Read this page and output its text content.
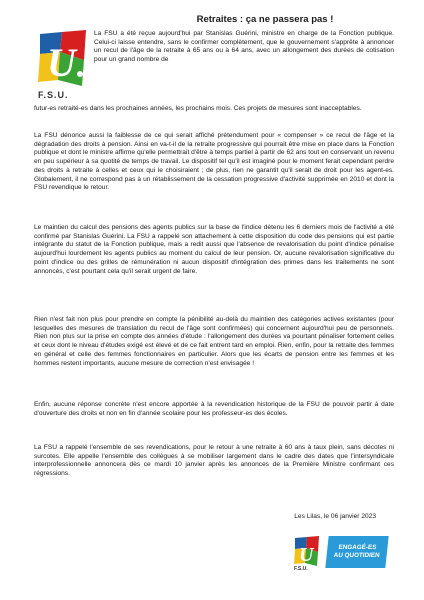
Retraites : ça ne passera pas !
U
F.S.U.

La FSU a été reçue aujourd'hui par Stanislas Guérini, ministre en charge de la Fonction publique. Celui-ci laisse entendre, sans le confirmer complètement, que le gouvernement s'apprête à annoncer un recul de l'âge de la retraite à 65 ans ou à 64 ans, avec un allongement des durées de cotisation pour un grand nombre de

futur-es retraité-es dans les prochaines années, les prochains mois. Ces projets de mesures sont inacceptables.

La FSU dénonce aussi la faiblesse de ce qui serait affiché prétendument pour « compenser » ce recul de l'âge et la dégradation des droits à pension. Ainsi en va-t-il de la retraite progressive qui pourrait être mise en place dans la Fonction publique et dont le ministre affirme qu'elle permettrait d'être à temps partiel à partir de 62 ans tout en conservant un revenu en peu supérieur à sa quotité de temps de travail. Le dispositif tel qu'il est imaginé pour le moment ferait cependant perdre des droits à retraite à celles et ceux qui le choisiraient ; de plus, rien ne garantit qu'il serait de droit pour les agent-es. Globalement, il ne correspond pas à un rétablissement de la cessation progressive d'activité supprimée en 2010 et dont la FSU revendique le retour.

Le maintien du calcul des pensions des agents publics sur la base de l'indice détenu les 6 derniers mois de l'activité a été confirmé par Stanislas Guérini. La FSU a rappelé son attachement à cette disposition du code des pensions qui est partie intégrante du statut de la Fonction publique, mais a redit aussi que l'absence de revalorisation du point d'indice pénalise aujourd'hui lourdement les agents publics au moment du calcul de leur pension. Or, aucune revalorisation significative du point d'indice ou des grilles de rémunération ni aucun dispositif d'intégration des primes dans les traitements ne sont annoncés, c'est pourtant cela qu'il serait urgent de faire.

Rien n'est fait non plus pour prendre en compte la pénibilité au-delà du maintien des catégories actives existantes (pour lesquelles des mesures de translation du recul de l'âge sont confirmées) qui concernent aujourd'hui peu de personnels. Rien non plus sur la prise en compte des années d'étude : l'allongement des durées va pourtant pénaliser fortement celles et ceux dont le niveau d'études exigé est élevé et de ce fait entrent tard en emploi. Rien, enfin, pour la retraite des femmes en général et celle des femmes fonctionnaires en particulier. Alors que les écarts de pension entre les femmes et les hommes restent importants, aucune mesure de correction n'est envisagée !

Enfin, aucune réponse concrète n'est encore apportée à la revendication historique de la FSU de pouvoir partir à date d'ouverture des droits et non en fin d'année scolaire pour les professeur-es des écoles.

La FSU a rappelé l'ensemble de ses revendications, pour le retour à une retraite à 60 ans à taux plein, sans décotes ni surcotes. Elle appelle l'ensemble des collègues à se mobiliser largement dans le cadre des dates que l'intersyndicale interprofessionnelle annoncera dès ce mardi 10 janvier après les annonces de la Première Ministre confirmant ces régressions.

Les Lilas, le 06 janvier 2023
U
F.S.U.
ENGAGÉ-ES
AU QUOTIDIEN
